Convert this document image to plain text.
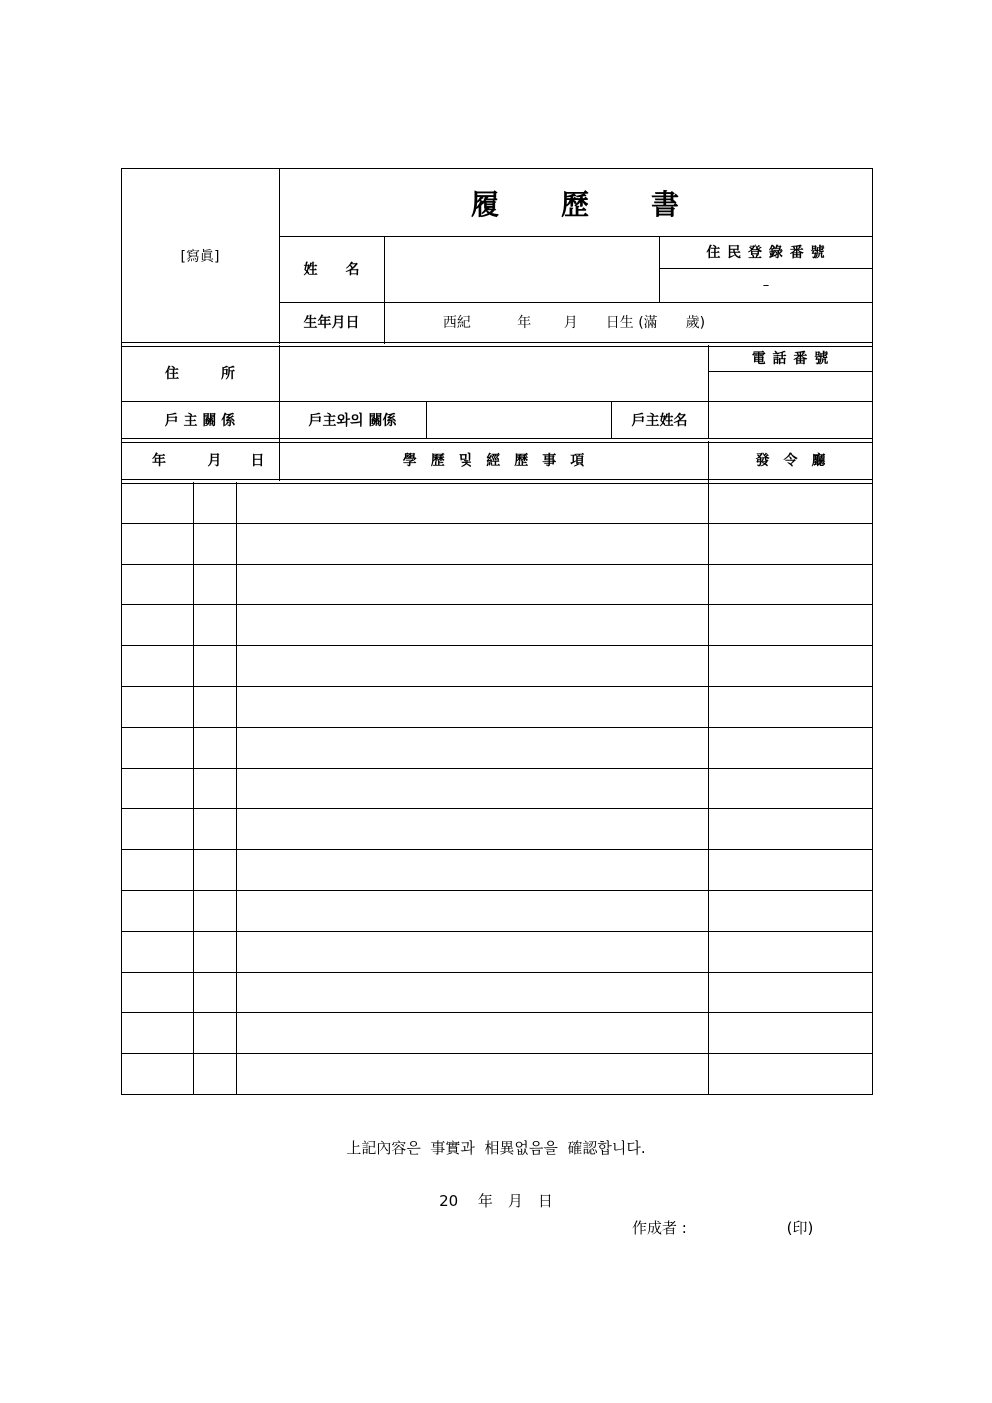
[寫眞]
履　　歷　　書
姓　　名
住 民 登 錄 番 號
–
生年月日	西紀　　　 年　　 月　　日生 (滿　　歲)
住　　　所
電 話 番 號
戶 主 關 係	戶主와의 關係	戶主姓名
年	月	日	學　歷　및　經　歷　事　項	發　令　廳
上記內容은  事實과  相異없음을  確認합니다.
20　 年　月　日
作成者 :	(印)
